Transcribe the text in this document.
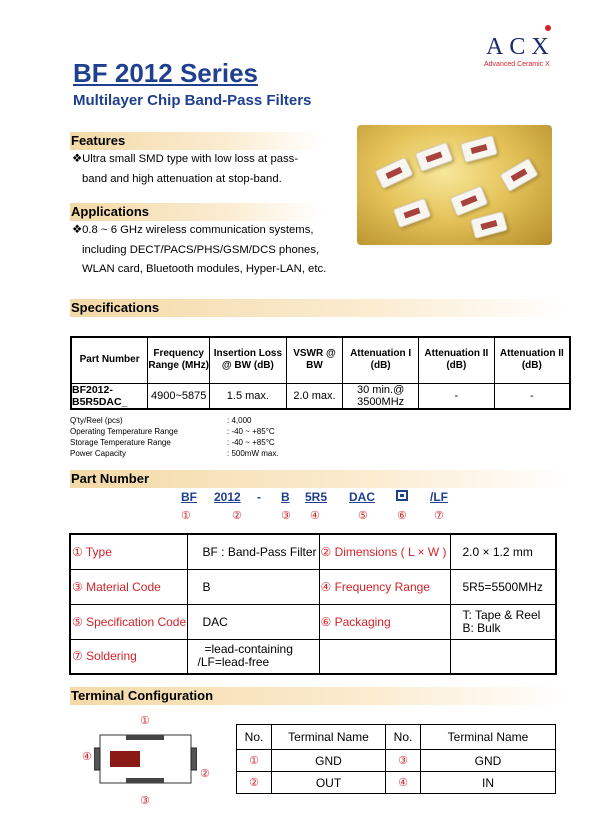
ACX
Advanced Ceramic X
BF 2012 Series
Multilayer Chip Band-Pass Filters
Features
❖Ultra small SMD type with low loss at pass-
band and high attenuation at stop-band.
Applications
❖0.8 ~ 6 GHz wireless communication systems,
including DECT/PACS/PHS/GSM/DCS phones,
WLAN card, Bluetooth modules, Hyper-LAN, etc.
Specifications
Part Number	Frequency Range (MHz)	Insertion Loss @ BW (dB)	VSWR @ BW	Attenuation I (dB)	Attenuation II (dB)	Attenuation II (dB)
BF2012-B5R5DAC_	4900~5875	1.5 max.	2.0 max.	30 min.@ 3500MHz	-	-
Q'ty/Reel (pcs)	: 4,000
Operating Temperature Range	: -40 ~ +85°C
Storage Temperature Range	: -40 ~ +85°C
Power Capacity	: 500mW max.
Part Number
BF 2012 - B 5R5 DAC	/LF
①	②	③ ④	⑤	⑥ ⑦
① Type	BF : Band-Pass Filter	② Dimensions ( L × W )	2.0 × 1.2 mm
③ Material Code	B	④ Frequency Range	5R5=5500MHz
⑤ Specification Code	DAC	⑥ Packaging	T: Tape & Reel
B: Bulk

⑦ Soldering	=lead-containing
/LF=lead-free		

Terminal Configuration
①
②
③
④
No.	Terminal Name	No.	Terminal Name
①	GND	③	GND
②	OUT	④	IN
